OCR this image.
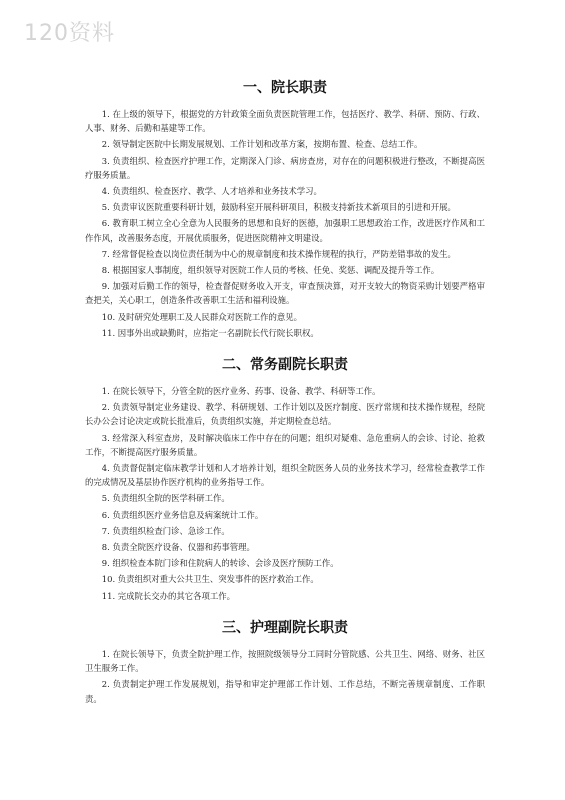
120资料
一、院长职责

1. 在上级的领导下，根据党的方针政策全面负责医院管理工作，包括医疗、教学、科研、预防、行政、人事、财务、后勤和基建等工作。

2. 领导制定医院中长期发展规划、工作计划和改革方案，按期布置、检查、总结工作。

3. 负责组织、检查医疗护理工作，定期深入门诊、病房查房，对存在的问题积极进行整改，不断提高医疗服务质量。

4. 负责组织、检查医疗、教学、人才培养和业务技术学习。

5. 负责审议医院重要科研计划，鼓励科室开展科研项目，积极支持新技术新项目的引进和开展。

6. 教育职工树立全心全意为人民服务的思想和良好的医德，加强职工思想政治工作，改进医疗作风和工作作风，改善服务态度，开展优质服务，促进医院精神文明建设。

7. 经常督促检查以岗位责任制为中心的规章制度和技术操作规程的执行，严防差错事故的发生。

8. 根据国家人事制度，组织领导对医院工作人员的考核、任免、奖惩、调配及提升等工作。

9. 加强对后勤工作的领导，检查督促财务收入开支，审查预决算，对开支较大的物资采购计划要严格审查把关，关心职工，创造条件改善职工生活和福利设施。

10. 及时研究处理职工及人民群众对医院工作的意见。

11. 因事外出或缺勤时，应指定一名副院长代行院长职权。

二、常务副院长职责

1. 在院长领导下，分管全院的医疗业务、药事、设备、教学、科研等工作。

2. 负责领导制定业务建设、教学、科研规划、工作计划以及医疗制度、医疗常规和技术操作规程，经院长办公会讨论决定或院长批准后，负责组织实施，并定期检查总结。

3. 经常深入科室查房，及时解决临床工作中存在的问题；组织对疑难、急危重病人的会诊、讨论、抢救工作，不断提高医疗服务质量。

4. 负责督促制定临床教学计划和人才培养计划，组织全院医务人员的业务技术学习，经常检查教学工作的完成情况及基层协作医疗机构的业务指导工作。

5. 负责组织全院的医学科研工作。

6. 负责组织医疗业务信息及病案统计工作。

7. 负责组织检查门诊、急诊工作。

8. 负责全院医疗设备、仪器和药事管理。

9. 组织检查本院门诊和住院病人的转诊、会诊及医疗预防工作。

10. 负责组织对重大公共卫生、突发事件的医疗救治工作。

11. 完成院长交办的其它各项工作。

三、护理副院长职责

1. 在院长领导下，负责全院护理工作，按照院级领导分工同时分管院感、公共卫生、网络、财务、社区卫生服务工作。

2. 负责制定护理工作发展规划，指导和审定护理部工作计划、工作总结，不断完善规章制度、工作职责。
